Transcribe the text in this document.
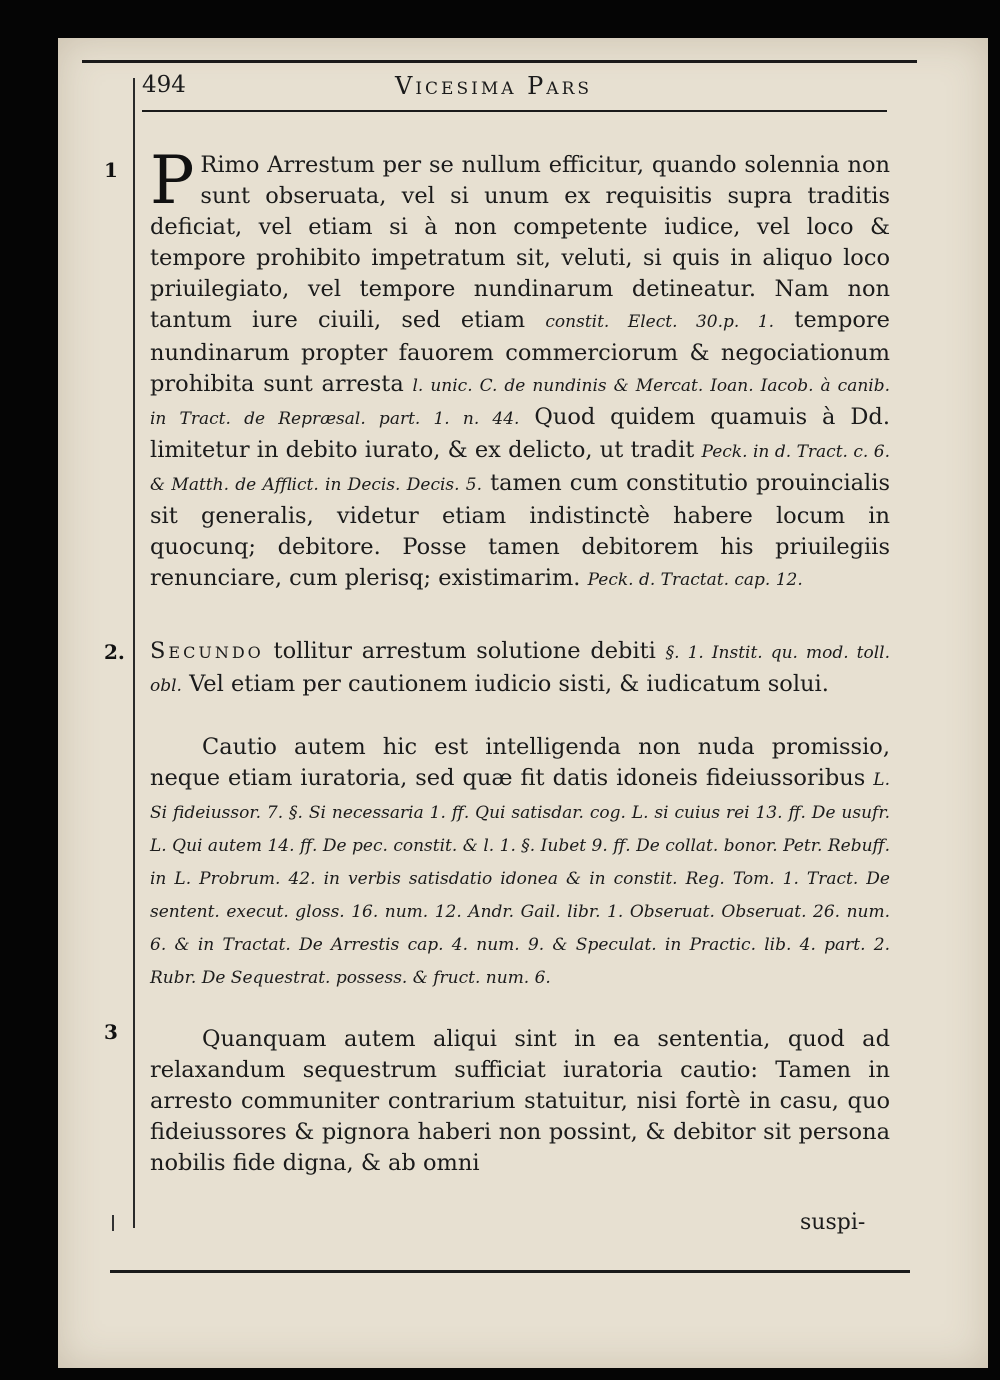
494	Vicesima Pars
1
2.
3
P Rimo Arrestum per se nullum efficitur, quando solennia non sunt obseruata, vel si unum ex requisitis supra traditis deficiat, vel etiam si à non competente iudice, vel loco & tempore prohibito impetratum sit, veluti, si quis in aliquo loco priuilegiato, vel tempore nundinarum detineatur. Nam non tantum iure ciuili, sed etiam constit. Elect. 30.p. 1. tempore nundinarum propter fauorem commerciorum & negociationum prohibita sunt arresta l. unic. C. de nundinis & Mercat. Ioan. Iacob. à canib. in Tract. de Repræsal. part. 1. n. 44. Quod quidem quamuis à Dd. limitetur in debito iurato, & ex delicto, ut tradit Peck. in d. Tract. c. 6. & Matth. de Afflict. in Decis. Decis. 5. tamen cum constitutio prouincialis sit generalis, videtur etiam indistinctè habere locum in quocunq; debitore. Posse tamen debitorem his priuilegiis renunciare, cum plerisq; existimarim. Peck. d. Tractat. cap. 12.
Secundo tollitur arrestum solutione debiti §. 1. Instit. qu. mod. toll. obl. Vel etiam per cautionem iudicio sisti, & iudicatum solui.
Cautio autem hic est intelligenda non nuda promissio, neque etiam iuratoria, sed quæ fit datis idoneis fideiussoribus L. Si fideiussor. 7. §. Si necessaria 1. ff. Qui satisdar. cog. L. si cuius rei 13. ff. De usufr. L. Qui autem 14. ff. De pec. constit. & l. 1. §. Iubet 9. ff. De collat. bonor. Petr. Rebuff. in L. Probrum. 42. in verbis satisdatio idonea & in constit. Reg. Tom. 1. Tract. De sentent. execut. gloss. 16. num. 12. Andr. Gail. libr. 1. Obseruat. Obseruat. 26. num. 6. & in Tractat. De Arrestis cap. 4. num. 9. & Speculat. in Practic. lib. 4. part. 2. Rubr. De Sequestrat. possess. & fruct. num. 6.
Quanquam autem aliqui sint in ea sententia, quod ad relaxandum sequestrum sufficiat iuratoria cautio: Tamen in arresto communiter contrarium statuitur, nisi fortè in casu, quo fideiussores & pignora haberi non possint, & debitor sit persona nobilis fide digna, & ab omni
suspi-
